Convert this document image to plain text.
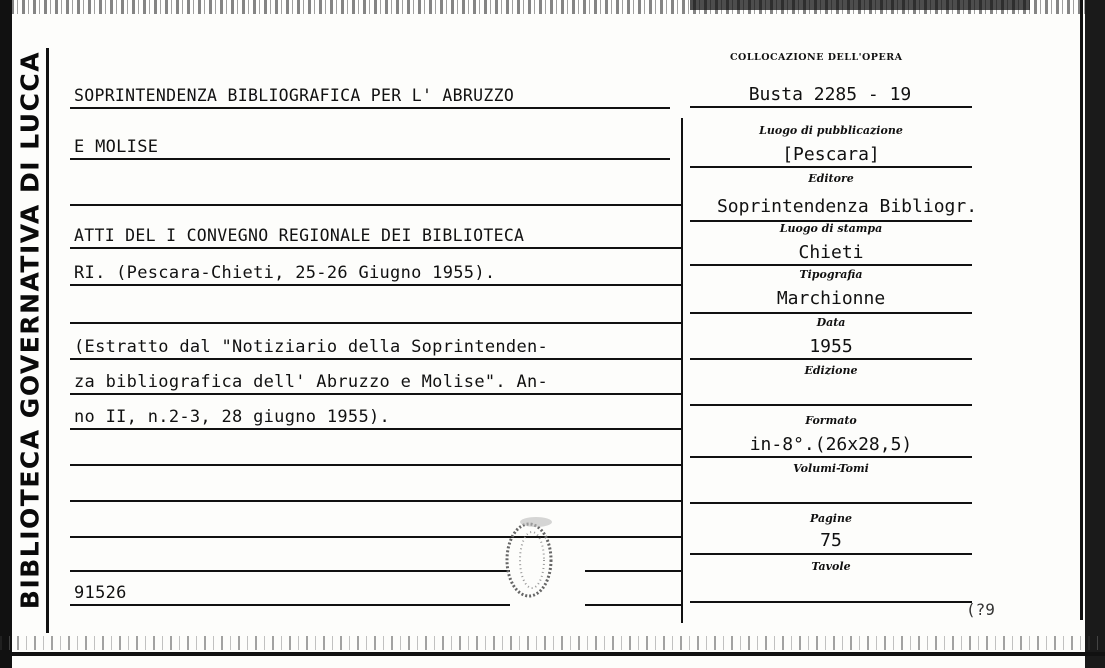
BIBLIOTECA GOVERNATIVA DI LUCCA SOPRINTENDENZA BIBLIOGRAFICA PER L' ABRUZZO
E MOLISE
ATTI DEL I CONVEGNO REGIONALE DEI BIBLIOTECA
RI. (Pescara-Chieti, 25-26 Giugno 1955).
(Estratto dal "Notiziario della Soprintenden-
za bibliografica dell' Abruzzo e Molise". An-
no II, n.2-3, 28 giugno 1955).
91526
COLLOCAZIONE DELL'OPERA
Busta 2285 - 19
Luogo di pubblicazione
[Pescara]
Editore
Soprintendenza Bibliogr.
Luogo di stampa
Chieti
Tipografia
Marchionne
Data
1955
Edizione
Formato
in-8°.(26x28,5)
Volumi-Tomi
Pagine
75
Tavole
(?9
